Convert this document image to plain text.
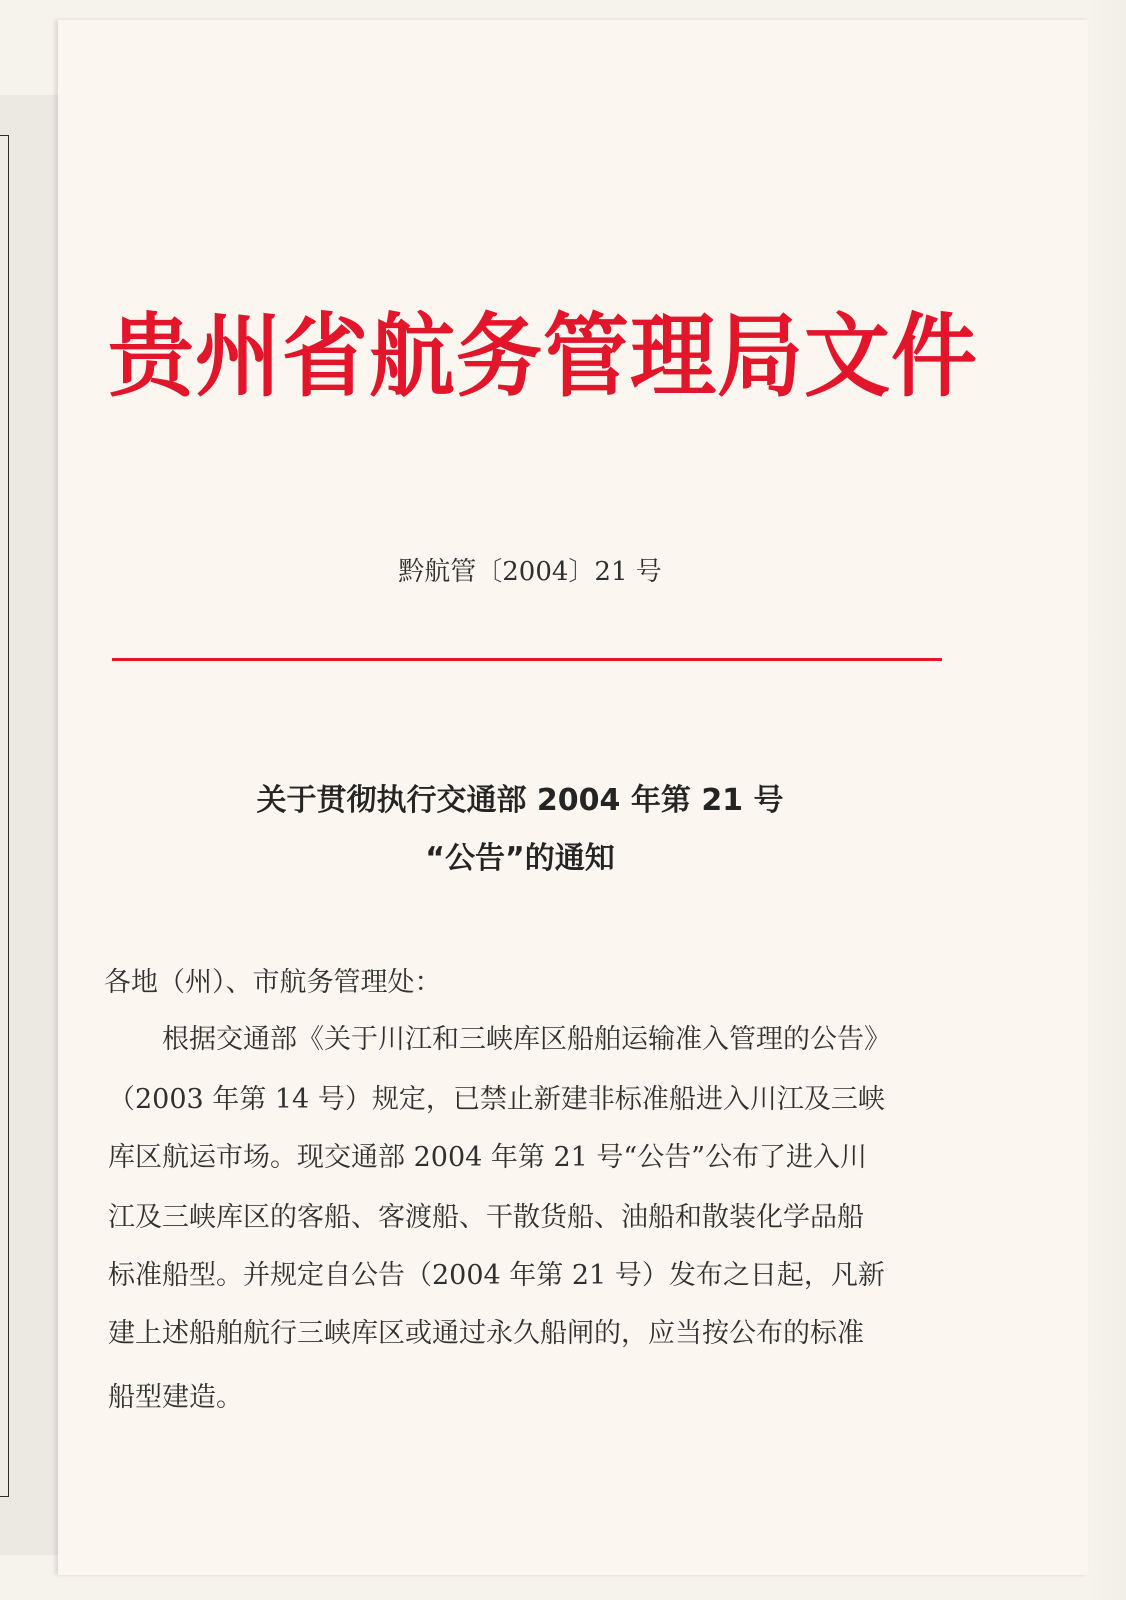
贵州省航务管理局文件
黔航管〔2004〕21 号
关于贯彻执行交通部 2004 年第 21 号
“公告”的通知
各地（州）、市航务管理处：
根据交通部《关于川江和三峡库区船舶运输准入管理的公告》
（2003 年第 14 号）规定，已禁止新建非标准船进入川江及三峡
库区航运市场。现交通部 2004 年第 21 号“公告”公布了进入川
江及三峡库区的客船、客渡船、干散货船、油船和散装化学品船
标准船型。并规定自公告（2004 年第 21 号）发布之日起，凡新
建上述船舶航行三峡库区或通过永久船闸的，应当按公布的标准
船型建造。
